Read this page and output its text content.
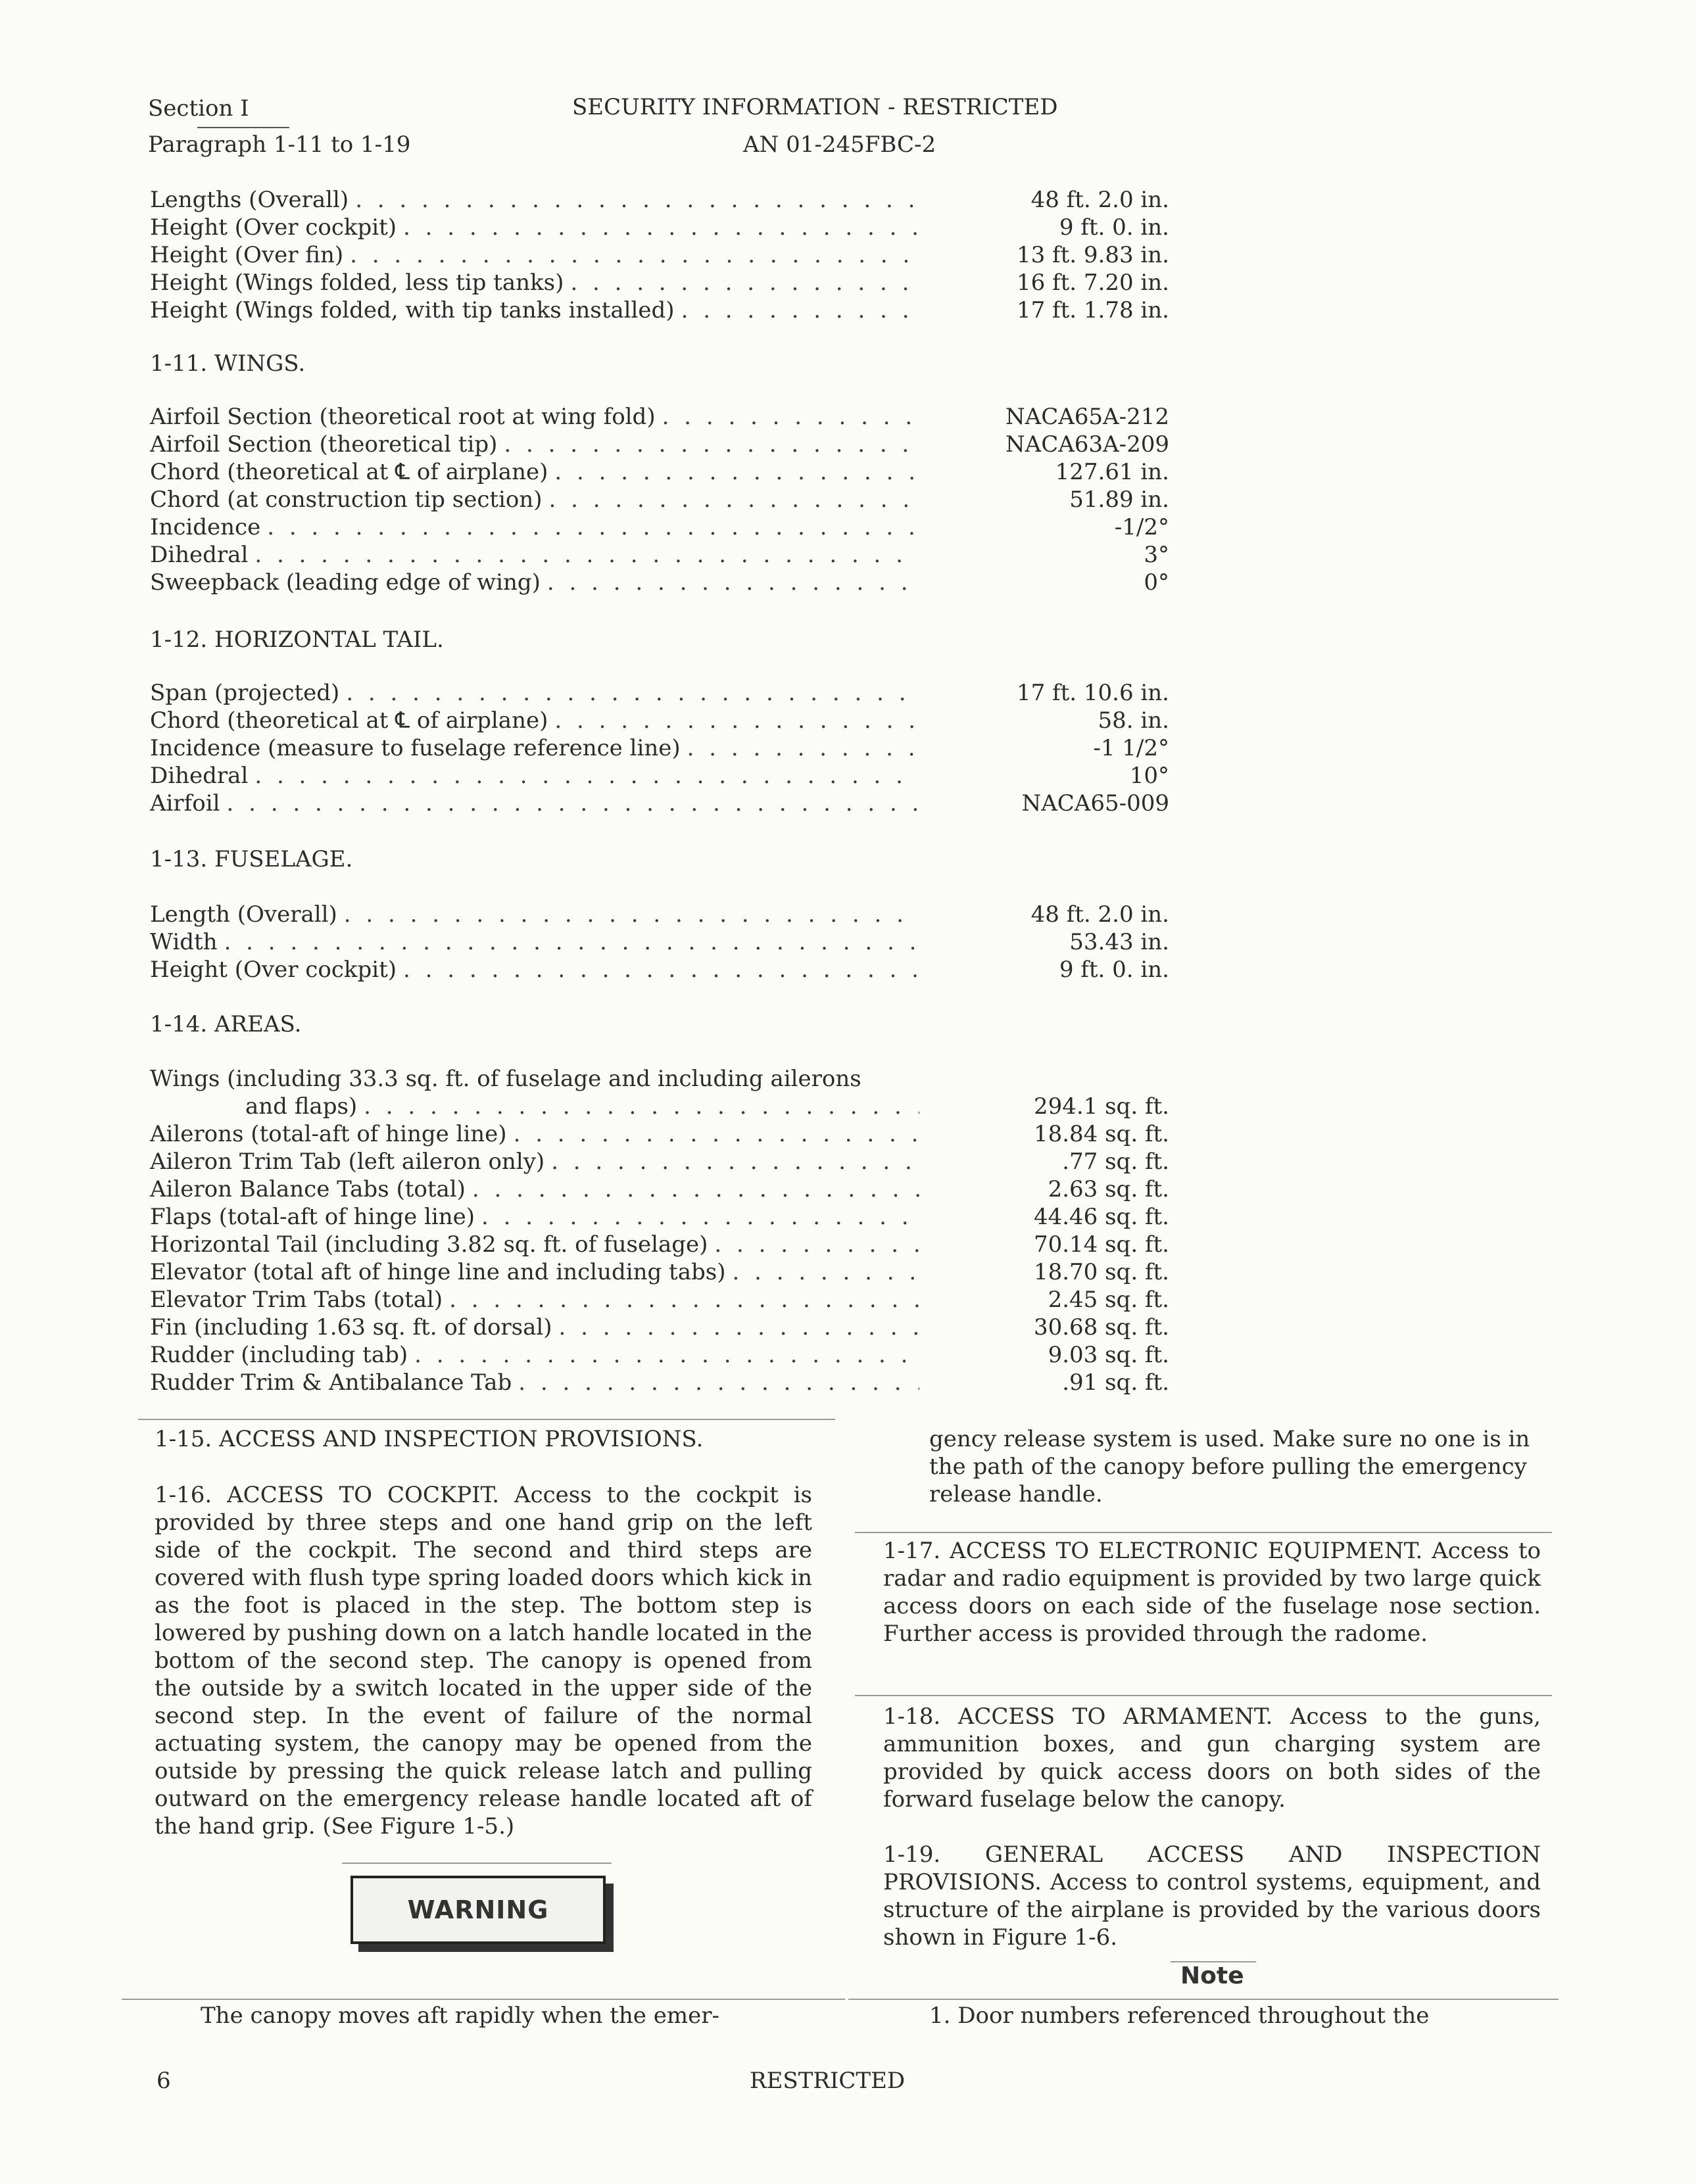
Section I
Paragraph 1-11 to 1-19
SECURITY INFORMATION - RESTRICTED
AN 01-245FBC-2
Lengths (Overall) . . .	48 ft. 2.0 in.
Height (Over cockpit) . . .	9 ft. 0. in.
Height (Over fin) . . .	13 ft. 9.83 in.
Height (Wings folded, less tip tanks) . . .	16 ft. 7.20 in.
Height (Wings folded, with tip tanks installed) . . .	17 ft. 1.78 in.
1-11. WINGS.
Airfoil Section (theoretical root at wing fold) . . .	NACA65A-212
Airfoil Section (theoretical tip) . . .	NACA63A-209
Chord (theoretical at ℄ of airplane) . . .	127.61 in.
Chord (at construction tip section) . . .	51.89 in.
Incidence . . .	-1/2°
Dihedral . . .	3°
Sweepback (leading edge of wing) . . .	0°
1-12. HORIZONTAL TAIL.
Span (projected) . . .	17 ft. 10.6 in.
Chord (theoretical at ℄ of airplane) . . .	58. in.
Incidence (measure to fuselage reference line) . . .	-1 1/2°
Dihedral . . .	10°
Airfoil . . .	NACA65-009
1-13. FUSELAGE.
Length (Overall) . . .	48 ft. 2.0 in.
Width . . .	53.43 in.
Height (Over cockpit) . . .	9 ft. 0. in.
1-14. AREAS.
Wings (including 33.3 sq. ft. of fuselage and including ailerons
and flaps) . . .	294.1 sq. ft.
Ailerons (total-aft of hinge line) . . .	18.84 sq. ft.
Aileron Trim Tab (left aileron only) . . .	.77 sq. ft.
Aileron Balance Tabs (total) . . .	2.63 sq. ft.
Flaps (total-aft of hinge line) . . .	44.46 sq. ft.
Horizontal Tail (including 3.82 sq. ft. of fuselage) . . .	70.14 sq. ft.
Elevator (total aft of hinge line and including tabs) . . .	18.70 sq. ft.
Elevator Trim Tabs (total) . . .	2.45 sq. ft.
Fin (including 1.63 sq. ft. of dorsal) . . .	30.68 sq. ft.
Rudder (including tab) . . .	9.03 sq. ft.
Rudder Trim & Antibalance Tab . . .	.91 sq. ft.
1-15. ACCESS AND INSPECTION PROVISIONS.

1-16. ACCESS TO COCKPIT. Access to the cockpit is provided by three steps and one hand grip on the left side of the cockpit. The second and third steps are covered with flush type spring loaded doors which kick in as the foot is placed in the step. The bottom step is lowered by pushing down on a latch handle located in the bottom of the second step. The canopy is opened from the outside by a switch located in the upper side of the second step. In the event of failure of the normal actuating system, the canopy may be opened from the outside by pressing the quick release latch and pulling outward on the emergency release handle located aft of the hand grip. (See Figure 1-5.)

WARNING
The canopy moves aft rapidly when the emer-
gency release system is used. Make sure no one is in the path of the canopy before pulling the emergency release handle.
1-17. ACCESS TO ELECTRONIC EQUIPMENT. Access to radar and radio equipment is provided by two large quick access doors on each side of the fuselage nose section. Further access is provided through the radome.
1-18. ACCESS TO ARMAMENT. Access to the guns, ammunition boxes, and gun charging system are provided by quick access doors on both sides of the forward fuselage below the canopy.
1-19. GENERAL ACCESS AND INSPECTION PROVISIONS. Access to control systems, equipment, and structure of the airplane is provided by the various doors shown in Figure 1-6.
Note
1. Door numbers referenced throughout the
6	RESTRICTED
